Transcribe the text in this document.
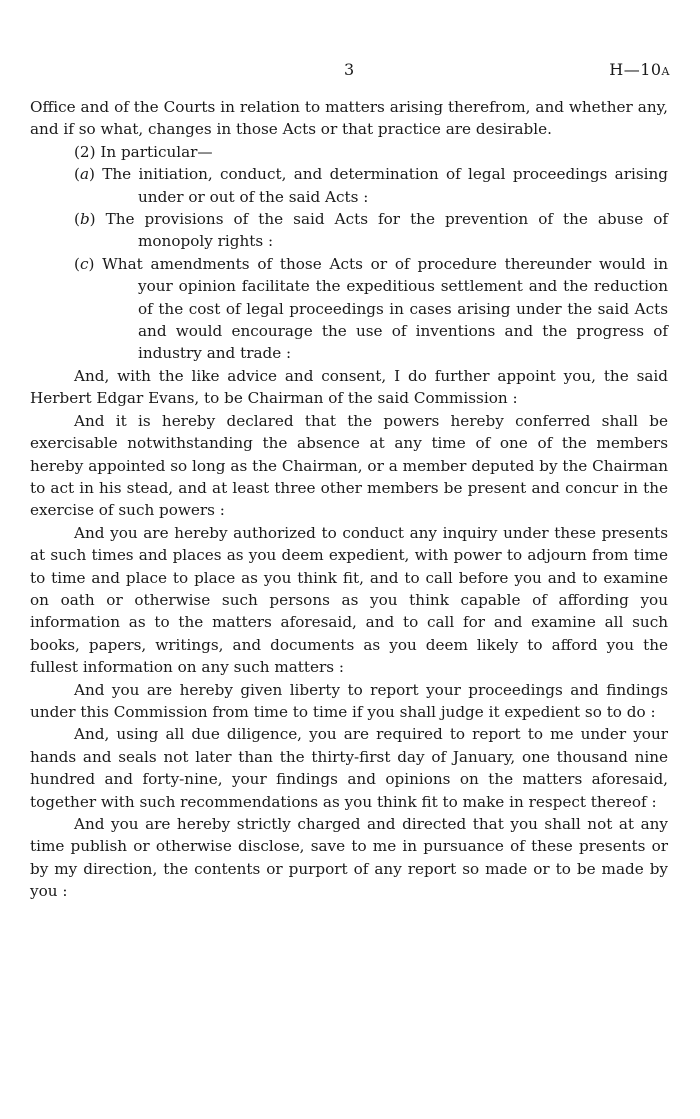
3	H—10A

Office and of the Courts in relation to matters arising therefrom, and whether any, and if so what, changes in those Acts or that practice are desirable.

(2) In particular—

(a) The initiation, conduct, and determination of legal proceedings arising under or out of the said Acts :

(b) The provisions of the said Acts for the prevention of the abuse of monopoly rights :

(c) What amendments of those Acts or of procedure thereunder would in your opinion facilitate the expeditious settlement and the reduction of the cost of legal proceedings in cases arising under the said Acts and would encourage the use of inventions and the progress of industry and trade :

And, with the like advice and consent, I do further appoint you, the said Herbert Edgar Evans, to be Chairman of the said Commission :

And it is hereby declared that the powers hereby conferred shall be exercisable notwithstanding the absence at any time of one of the members hereby appointed so long as the Chairman, or a member deputed by the Chairman to act in his stead, and at least three other members be present and concur in the exercise of such powers :

And you are hereby authorized to conduct any inquiry under these presents at such times and places as you deem expedient, with power to adjourn from time to time and place to place as you think fit, and to call before you and to examine on oath or otherwise such persons as you think capable of affording you information as to the matters aforesaid, and to call for and examine all such books, papers, writings, and documents as you deem likely to afford you the fullest information on any such matters :

And you are hereby given liberty to report your proceedings and findings under this Commission from time to time if you shall judge it expedient so to do :

And, using all due diligence, you are required to report to me under your hands and seals not later than the thirty-first day of January, one thousand nine hundred and forty-nine, your findings and opinions on the matters aforesaid, together with such recommendations as you think fit to make in respect thereof :

And you are hereby strictly charged and directed that you shall not at any time publish or otherwise disclose, save to me in pursuance of these presents or by my direction, the contents or purport of any report so made or to be made by you :
